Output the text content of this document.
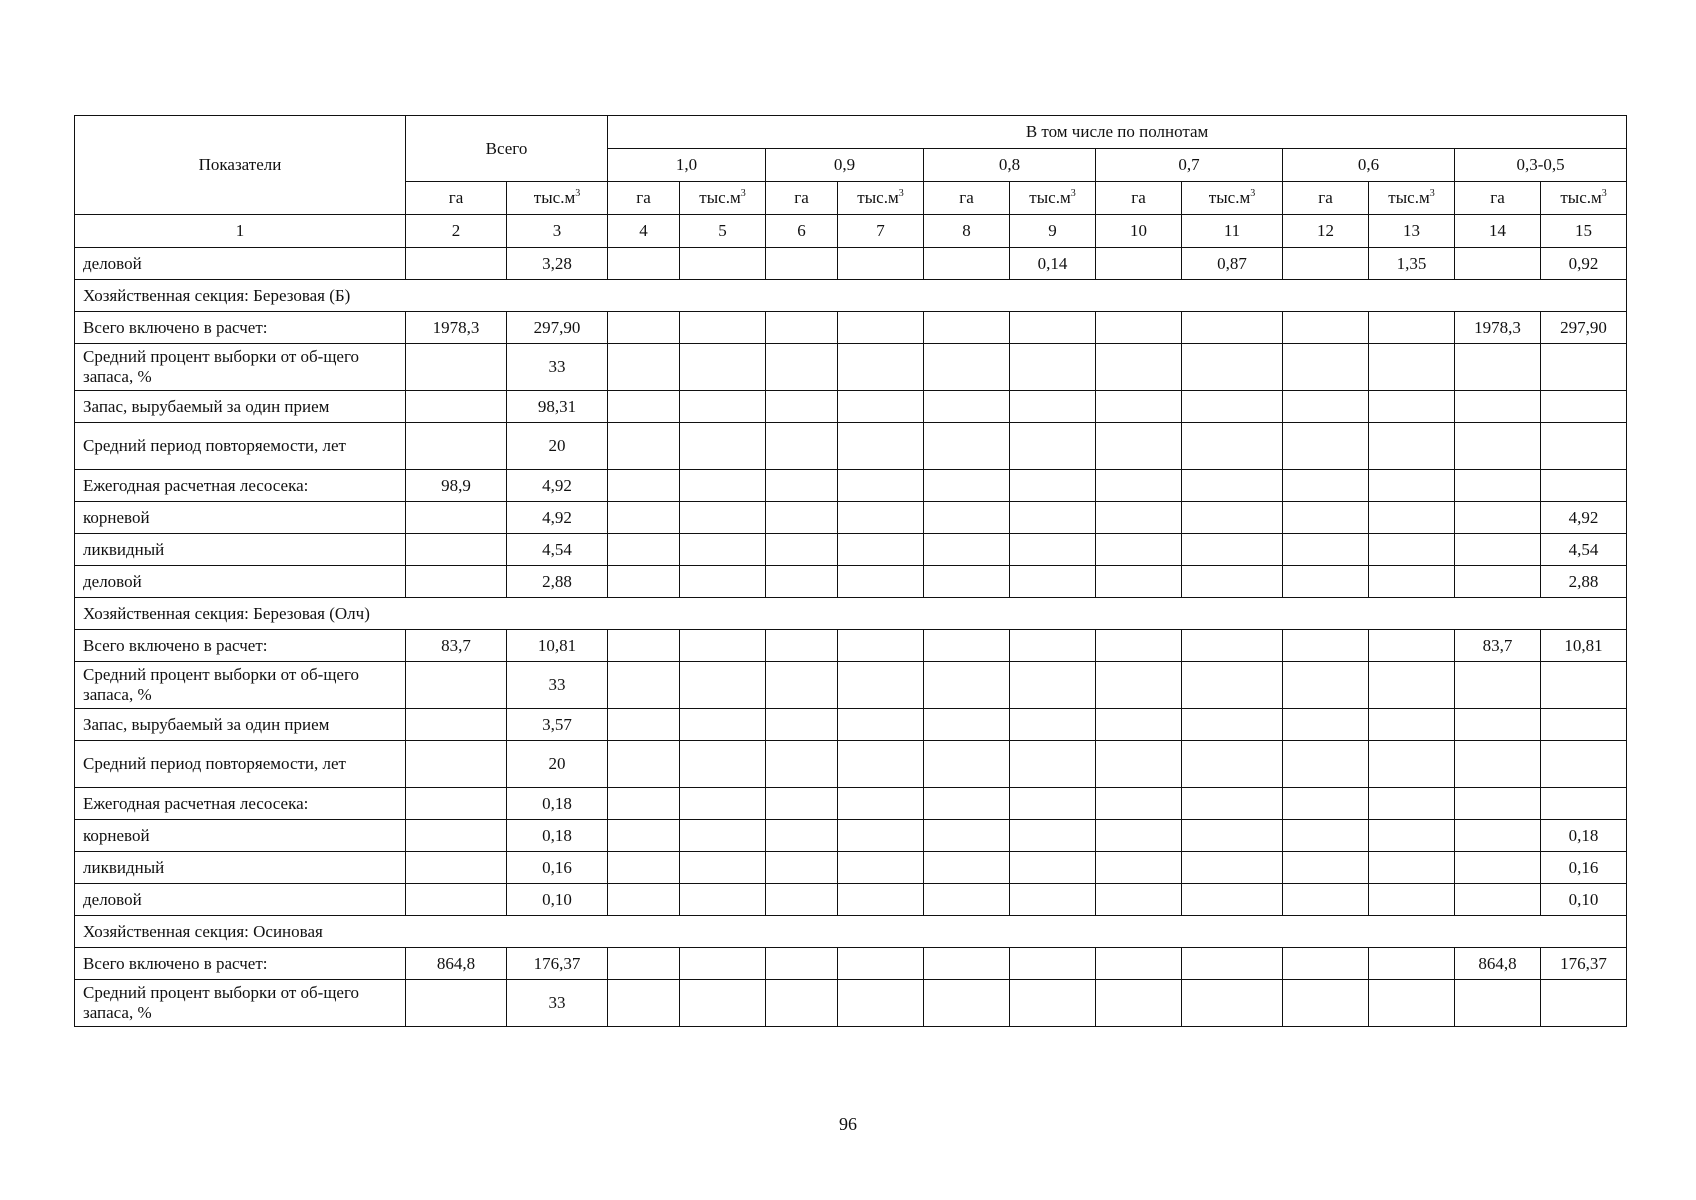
Показатели	Всего		В том числе по полнотам											
			1,0		0,9		0,8		0,7		0,6		0,3-0,5	
	га	$тыс.м^3$	га	$тыс.м^3$	га	$тыс.м^3$	га	$тыс.м^3$	га	$тыс.м^3$	га	$тыс.м^3$	га	$тыс.м^3$
1	2	3	4	5	6	7	8	9	10	11	12	13	14	15
деловой		3,28						0,14		0,87		1,35		0,92
Хозяйственная секция: Березовая (Б)														
Всего включено в расчет:	1978,3	297,90											1978,3	297,90
Средний процент выборки от об-щего запаса, %		33												
Запас, вырубаемый за один прием		98,31												
Средний период повторяемости, лет		20												
Ежегодная расчетная лесосека:	98,9	4,92												
корневой		4,92												4,92
ликвидный		4,54												4,54
деловой		2,88												2,88
Хозяйственная секция: Березовая (Олч)														
Всего включено в расчет:	83,7	10,81											83,7	10,81
Средний процент выборки от об-щего запаса, %		33												
Запас, вырубаемый за один прием		3,57												
Средний период повторяемости, лет		20												
Ежегодная расчетная лесосека:		0,18												
корневой		0,18												0,18
ликвидный		0,16												0,16
деловой		0,10												0,10
Хозяйственная секция: Осиновая														
Всего включено в расчет:	864,8	176,37											864,8	176,37
Средний процент выборки от об-щего запаса, %		33												
96
